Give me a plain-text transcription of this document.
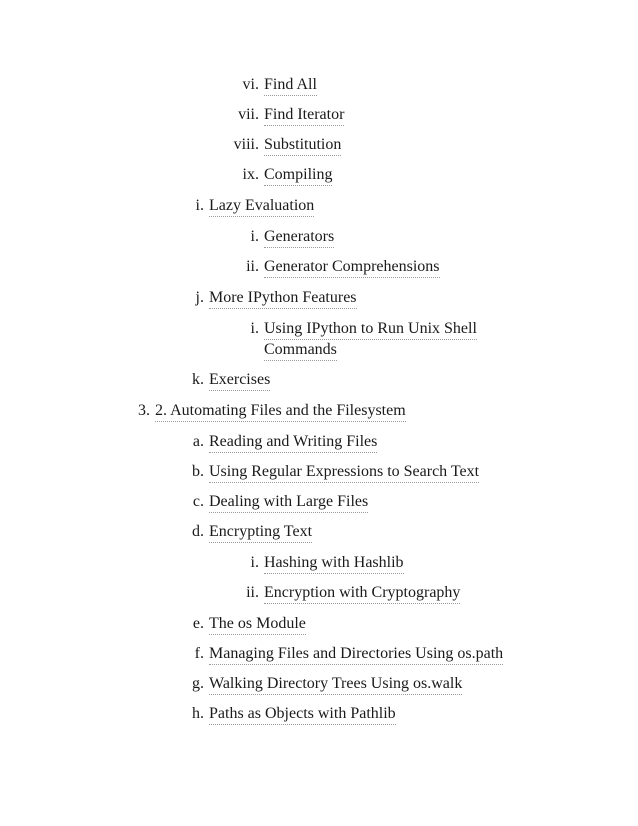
vi. Find All
vii. Find Iterator
viii. Substitution
ix. Compiling
i. Lazy Evaluation
i. Generators
ii. Generator Comprehensions
j. More IPython Features
i. Using IPython to Run Unix Shell
Commands
k. Exercises
3. 2. Automating Files and the Filesystem
a. Reading and Writing Files
b. Using Regular Expressions to Search Text
c. Dealing with Large Files
d. Encrypting Text
i. Hashing with Hashlib
ii. Encryption with Cryptography
e. The os Module
f. Managing Files and Directories Using os.path
g. Walking Directory Trees Using os.walk
h. Paths as Objects with Pathlib
